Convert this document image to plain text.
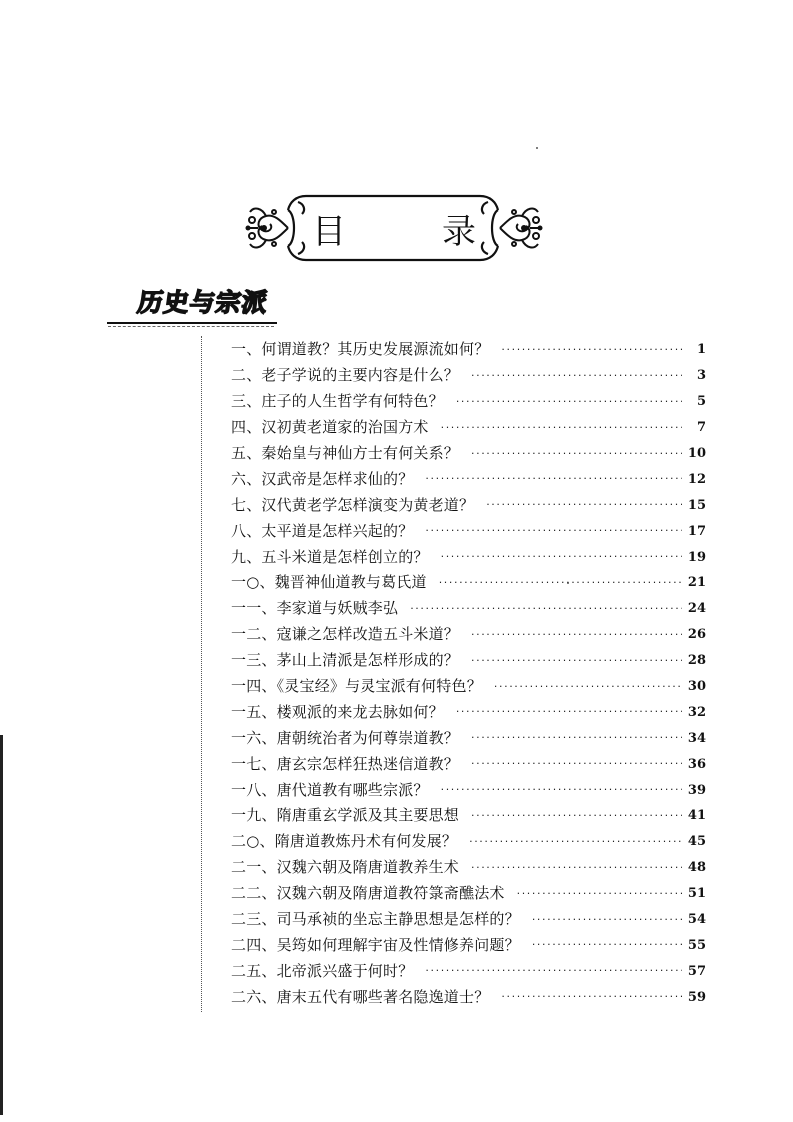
目	录
历史与宗派
一、何谓道教？其历史发展源流如何？ ·····	1
二、老子学说的主要内容是什么？ ·····	3
三、庄子的人生哲学有何特色？ ·····	5
四、汉初黄老道家的治国方术 ·····	7
五、秦始皇与神仙方士有何关系？ ·····	10
六、汉武帝是怎样求仙的？ ·····	12
七、汉代黄老学怎样演变为黄老道？ ·····	15
八、太平道是怎样兴起的？ ·····	17
九、五斗米道是怎样创立的？ ·····	19
一○、魏晋神仙道教与葛氏道 ·····	21
一一、李家道与妖贼李弘 ·····	24
一二、寇谦之怎样改造五斗米道？ ·····	26
一三、茅山上清派是怎样形成的？ ·····	28
一四、《灵宝经》与灵宝派有何特色？ ·····	30
一五、楼观派的来龙去脉如何？ ·····	32
一六、唐朝统治者为何尊崇道教？ ·····	34
一七、唐玄宗怎样狂热迷信道教？ ·····	36
一八、唐代道教有哪些宗派？ ·····	39
一九、隋唐重玄学派及其主要思想 ·····	41
二○、隋唐道教炼丹术有何发展？ ·····	45
二一、汉魏六朝及隋唐道教养生术 ·····	48
二二、汉魏六朝及隋唐道教符箓斋醮法术 ·····	51
二三、司马承祯的坐忘主静思想是怎样的？ ·····	54
二四、吴筠如何理解宇宙及性情修养问题？ ·····	55
二五、北帝派兴盛于何时？ ·····	57
二六、唐末五代有哪些著名隐逸道士？ ·····	59
